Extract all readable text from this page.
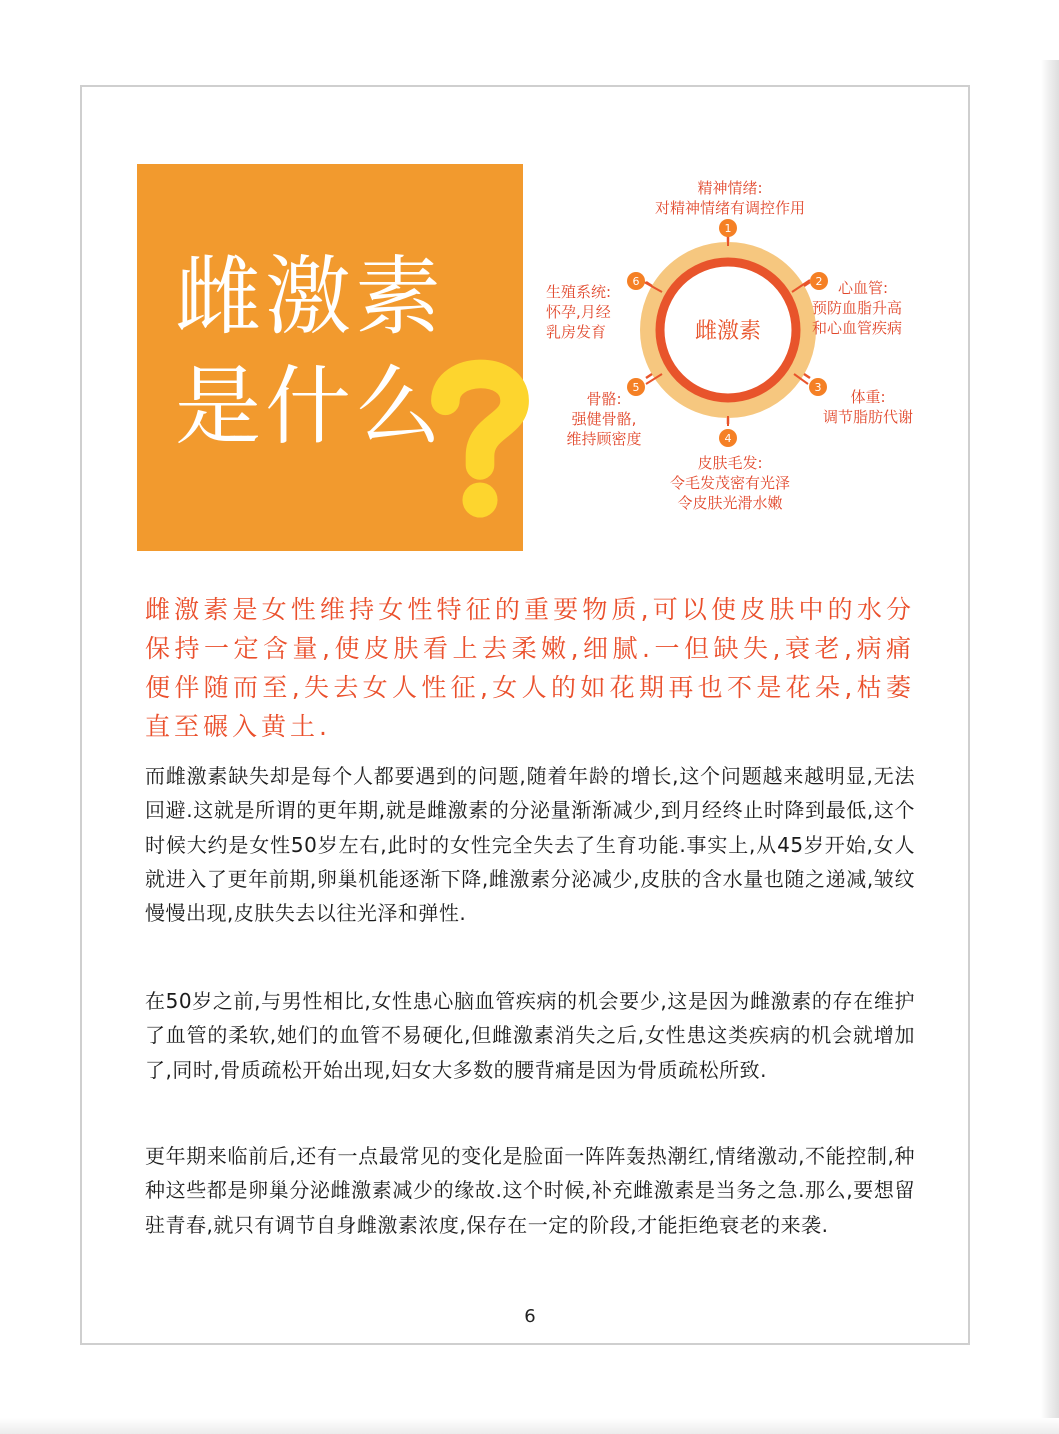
雌激素
是什么
雌激素
1
2
3
4
5
6
精神情绪:
对精神情绪有调控作用
心血管:
预防血脂升高
和心血管疾病
体重:
调节脂肪代谢
皮肤毛发:
令毛发茂密有光泽
令皮肤光滑水嫩
骨骼:
强健骨骼,
维持顾密度
生殖系统:
怀孕,月经
乳房发育

雌激素是女性维持女性特征的重要物质,可以使皮肤中的水分保持一定含量,使皮肤看上去柔嫩,细腻.一但缺失,衰老,病痛便伴随而至,失去女人性征,女人的如花期再也不是花朵,枯萎直至碾入黄土.

而雌激素缺失却是每个人都要遇到的问题,随着年龄的增长,这个问题越来越明显,无法回避.这就是所谓的更年期,就是雌激素的分泌量渐渐减少,到月经终止时降到最低,这个时候大约是女性50岁左右,此时的女性完全失去了生育功能.事实上,从45岁开始,女人就进入了更年前期,卵巢机能逐渐下降,雌激素分泌减少,皮肤的含水量也随之递减,皱纹慢慢出现,皮肤失去以往光泽和弹性.

在50岁之前,与男性相比,女性患心脑血管疾病的机会要少,这是因为雌激素的存在维护了血管的柔软,她们的血管不易硬化,但雌激素消失之后,女性患这类疾病的机会就增加了,同时,骨质疏松开始出现,妇女大多数的腰背痛是因为骨质疏松所致.

更年期来临前后,还有一点最常见的变化是脸面一阵阵轰热潮红,情绪激动,不能控制,种种这些都是卵巢分泌雌激素减少的缘故.这个时候,补充雌激素是当务之急.那么,要想留驻青春,就只有调节自身雌激素浓度,保存在一定的阶段,才能拒绝衰老的来袭.

6
